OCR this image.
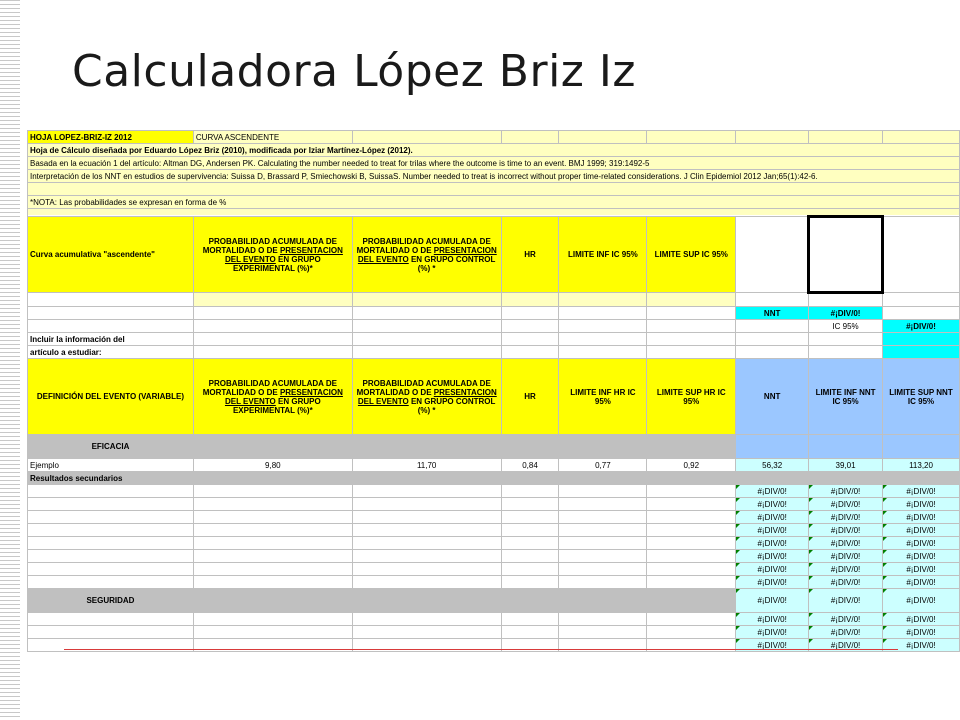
Calculadora López Briz Iz
HOJA LOPEZ-BRIZ-IZ 2012	CURVA ASCENDENTE							
Hoja de Cálculo diseñada por Eduardo López Briz (2010), modificada por Iziar Martínez-López (2012).								
Basada en la ecuación 1 del artículo: Altman DG, Andersen PK. Calculating the number needed to treat for trilas where the outcome is time to an event. BMJ 1999; 319:1492-5								
Interpretación de los NNT en estudios de supervivencia: Suissa D, Brassard P, Smiechowski B, SuissaS. Number needed to treat is incorrect without proper time-related considerations. J Clin Epidemiol 2012 Jan;65(1):42-6.								

*NOTA: Las probabilidades se expresan en forma de %								

Curva acumulativa "ascendente"	PROBABILIDAD ACUMULADA DE MORTALIDAD O DE PRESENTACION DEL EVENTO EN GRUPO EXPERIMENTAL (%)*	PROBABILIDAD ACUMULADA DE MORTALIDAD O DE PRESENTACION DEL EVENTO EN GRUPO CONTROL (%) *	HR	LIMITE INF IC 95%	LIMITE SUP IC 95%			

						NNT	#¡DIV/0!	
							IC 95%	#¡DIV/0!
Incluir la información del								
artículo a estudiar:								
DEFINICIÓN DEL EVENTO (VARIABLE)	PROBABILIDAD ACUMULADA DE MORTALIDAD O DE PRESENTACION DEL EVENTO EN GRUPO EXPERIMENTAL (%)*	PROBABILIDAD ACUMULADA DE MORTALIDAD O DE PRESENTACION DEL EVENTO EN GRUPO CONTROL (%) *	HR	LIMITE INF HR IC 95%	LIMITE SUP HR IC 95%	NNT	LIMITE INF NNT IC 95%	LIMITE SUP NNT IC 95%
EFICACIA								
Ejemplo	9,80	11,70	0,84	0,77	0,92	56,32	39,01	113,20
Resultados secundarios								
						#¡DIV/0!	#¡DIV/0!	#¡DIV/0!
						#¡DIV/0!	#¡DIV/0!	#¡DIV/0!
						#¡DIV/0!	#¡DIV/0!	#¡DIV/0!
						#¡DIV/0!	#¡DIV/0!	#¡DIV/0!
						#¡DIV/0!	#¡DIV/0!	#¡DIV/0!
						#¡DIV/0!	#¡DIV/0!	#¡DIV/0!
						#¡DIV/0!	#¡DIV/0!	#¡DIV/0!
						#¡DIV/0!	#¡DIV/0!	#¡DIV/0!
SEGURIDAD						#¡DIV/0!	#¡DIV/0!	#¡DIV/0!
						#¡DIV/0!	#¡DIV/0!	#¡DIV/0!
						#¡DIV/0!	#¡DIV/0!	#¡DIV/0!
						#¡DIV/0!	#¡DIV/0!	#¡DIV/0!
